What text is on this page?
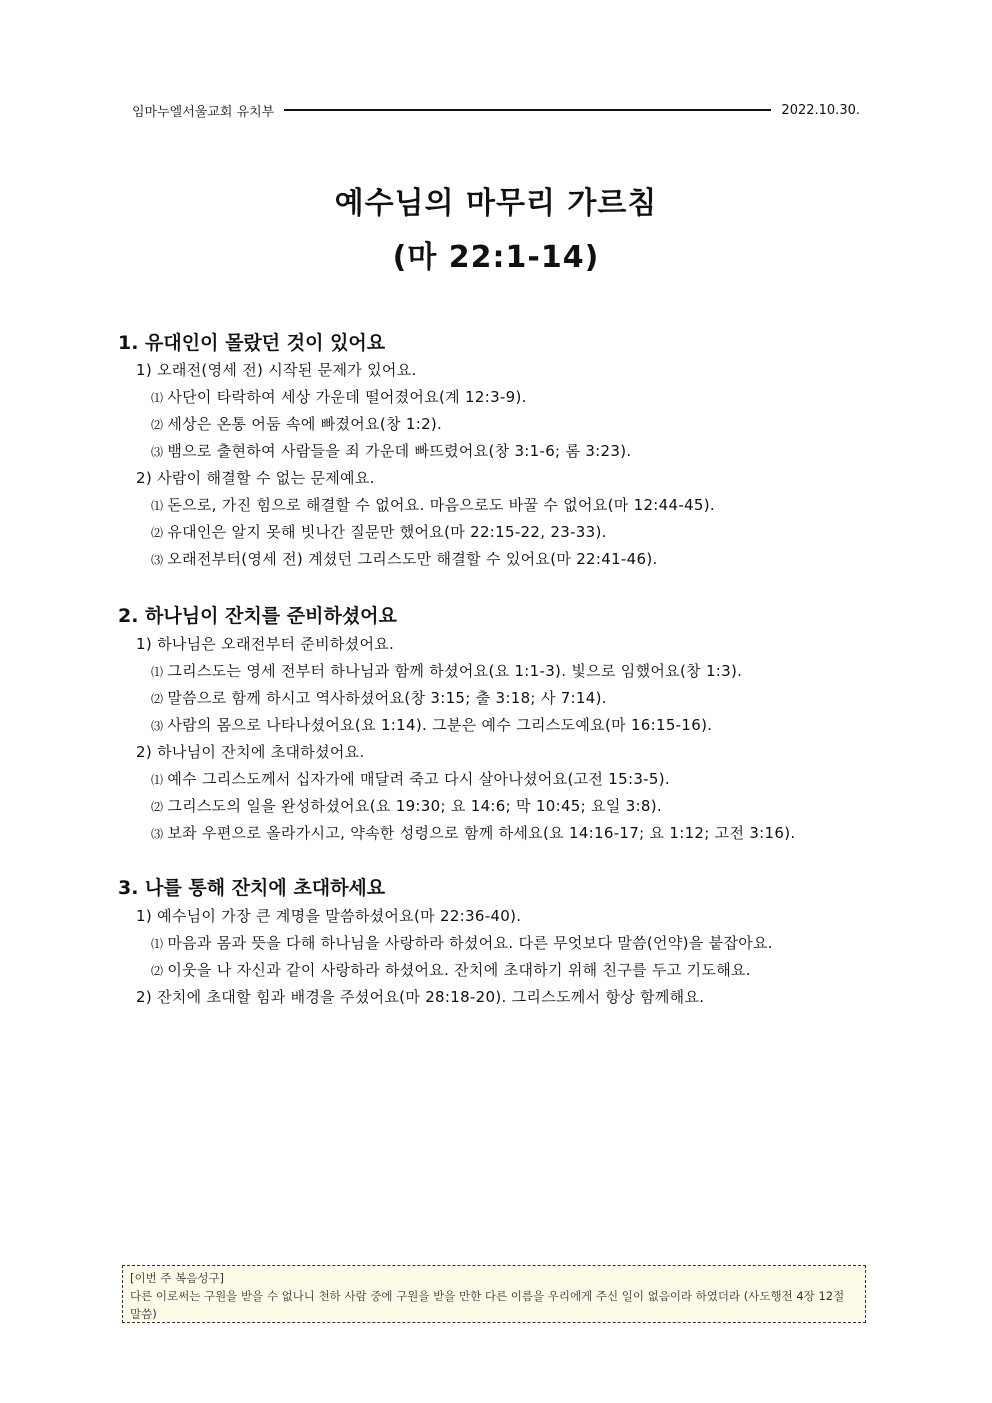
임마누엘서울교회 유치부	2022.10.30.
예수님의 마무리 가르침
(마 22:1-14)
1. 유대인이 몰랐던 것이 있어요
1) 오래전(영세 전) 시작된 문제가 있어요.
⑴ 사단이 타락하여 세상 가운데 떨어졌어요(계 12:3-9).
⑵ 세상은 온통 어둠 속에 빠졌어요(창 1:2).
⑶ 뱀으로 출현하여 사람들을 죄 가운데 빠뜨렸어요(창 3:1-6; 롬 3:23).
2) 사람이 해결할 수 없는 문제예요.
⑴ 돈으로, 가진 힘으로 해결할 수 없어요. 마음으로도 바꿀 수 없어요(마 12:44-45).
⑵ 유대인은 알지 못해 빗나간 질문만 했어요(마 22:15-22, 23-33).
⑶ 오래전부터(영세 전) 계셨던 그리스도만 해결할 수 있어요(마 22:41-46).
2. 하나님이 잔치를 준비하셨어요
1) 하나님은 오래전부터 준비하셨어요.
⑴ 그리스도는 영세 전부터 하나님과 함께 하셨어요(요 1:1-3). 빛으로 임했어요(창 1:3).
⑵ 말씀으로 함께 하시고 역사하셨어요(창 3:15; 출 3:18; 사 7:14).
⑶ 사람의 몸으로 나타나셨어요(요 1:14). 그분은 예수 그리스도예요(마 16:15-16).
2) 하나님이 잔치에 초대하셨어요.
⑴ 예수 그리스도께서 십자가에 매달려 죽고 다시 살아나셨어요(고전 15:3-5).
⑵ 그리스도의 일을 완성하셨어요(요 19:30; 요 14:6; 막 10:45; 요일 3:8).
⑶ 보좌 우편으로 올라가시고, 약속한 성령으로 함께 하세요(요 14:16-17; 요 1:12; 고전 3:16).
3. 나를 통해 잔치에 초대하세요
1) 예수님이 가장 큰 계명을 말씀하셨어요(마 22:36-40).
⑴ 마음과 몸과 뜻을 다해 하나님을 사랑하라 하셨어요. 다른 무엇보다 말씀(언약)을 붙잡아요.
⑵ 이웃을 나 자신과 같이 사랑하라 하셨어요. 잔치에 초대하기 위해 친구를 두고 기도해요.
2) 잔치에 초대할 힘과 배경을 주셨어요(마 28:18-20). 그리스도께서 항상 함께해요.
[이번 주 복음성구]
다른 이로써는 구원을 받을 수 없나니 천하 사람 중에 구원을 받을 만한 다른 이름을 우리에게 주신 일이 없음이라 하였더라 (사도행전 4장 12절 말씀)
